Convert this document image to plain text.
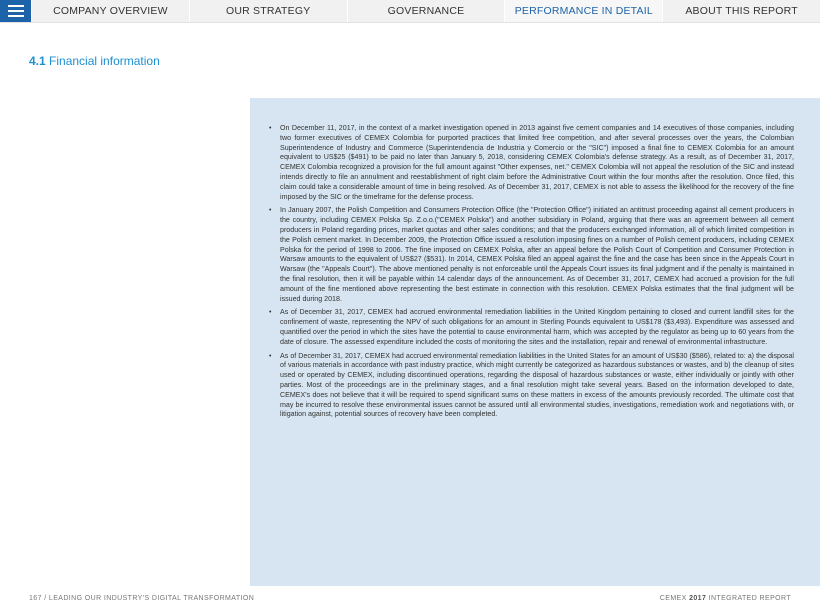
COMPANY OVERVIEW	OUR STRATEGY	GOVERNANCE	PERFORMANCE IN DETAIL	ABOUT THIS REPORT
4.1 Financial information
• On December 11, 2017, in the context of a market investigation opened in 2013 against five cement companies and 14 executives of those companies, including two former executives of CEMEX Colombia for purported practices that limited free competition, and after several processes over the years, the Colombian Superintendence of Industry and Commerce (Superintendencia de Industria y Comercio or the "SIC") imposed a final fine to CEMEX Colombia for an amount equivalent to US$25 ($491) to be paid no later than January 5, 2018, considering CEMEX Colombia's defense strategy. As a result, as of December 31, 2017, CEMEX Colombia recognized a provision for the full amount against "Other expenses, net." CEMEX Colombia will not appeal the resolution of the SIC and instead intends directly to file an annulment and reestablishment of right claim before the Administrative Court within the four months after the resolution. Once filed, this claim could take a considerable amount of time in being resolved. As of December 31, 2017, CEMEX is not able to assess the likelihood for the recovery of the fine imposed by the SIC or the timeframe for the defense process.
• In January 2007, the Polish Competition and Consumers Protection Office (the "Protection Office") initiated an antitrust proceeding against all cement producers in the country, including CEMEX Polska Sp. Z.o.o.("CEMEX Polska") and another subsidiary in Poland, arguing that there was an agreement between all cement producers in Poland regarding prices, market quotas and other sales conditions; and that the producers exchanged information, all of which limited competition in the Polish cement market. In December 2009, the Protection Office issued a resolution imposing fines on a number of Polish cement producers, including CEMEX Polska for the period of 1998 to 2006. The fine imposed on CEMEX Polska, after an appeal before the Polish Court of Competition and Consumer Protection in Warsaw amounts to the equivalent of US$27 ($531). In 2014, CEMEX Polska filed an appeal against the fine and the case has been since in the Appeals Court in Warsaw (the "Appeals Court"). The above mentioned penalty is not enforceable until the Appeals Court issues its final judgment and if the penalty is maintained in the final resolution, then it will be payable within 14 calendar days of the announcement. As of December 31, 2017, CEMEX had accrued a provision for the full amount of the fine mentioned above representing the best estimate in connection with this resolution. CEMEX Polska estimates that the final judgment will be issued during 2018.
• As of December 31, 2017, CEMEX had accrued environmental remediation liabilities in the United Kingdom pertaining to closed and current landfill sites for the confinement of waste, representing the NPV of such obligations for an amount in Sterling Pounds equivalent to US$178 ($3,493). Expenditure was assessed and quantified over the period in which the sites have the potential to cause environmental harm, which was accepted by the regulator as being up to 60 years from the date of closure. The assessed expenditure included the costs of monitoring the sites and the installation, repair and renewal of environmental infrastructure.
• As of December 31, 2017, CEMEX had accrued environmental remediation liabilities in the United States for an amount of US$30 ($586), related to: a) the disposal of various materials in accordance with past industry practice, which might currently be categorized as hazardous substances or wastes, and b) the cleanup of sites used or operated by CEMEX, including discontinued operations, regarding the disposal of hazardous substances or waste, either individually or jointly with other parties. Most of the proceedings are in the preliminary stages, and a final resolution might take several years. Based on the information developed to date, CEMEX's does not believe that it will be required to spend significant sums on these matters in excess of the amounts previously recorded. The ultimate cost that may be incurred to resolve these environmental issues cannot be assured until all environmental studies, investigations, remediation work and negotiations with, or litigation against, potential sources of recovery have been completed.
167 / LEADING OUR INDUSTRY'S DIGITAL TRANSFORMATION	CEMEX 2017 INTEGRATED REPORT
